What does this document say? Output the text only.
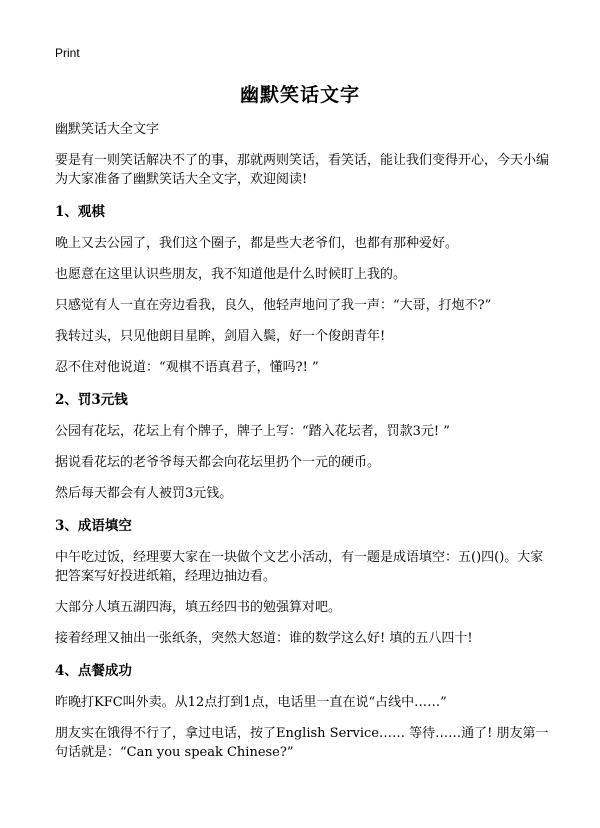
Print
幽默笑话文字

幽默笑话大全文字

要是有一则笑话解决不了的事，那就两则笑话，看笑话，能让我们变得开心，今天小编为大家准备了幽默笑话大全文字，欢迎阅读!

1、观棋

晚上又去公园了，我们这个圈子，都是些大老爷们，也都有那种爱好。

也愿意在这里认识些朋友，我不知道他是什么时候盯上我的。

只感觉有人一直在旁边看我，良久，他轻声地问了我一声：“大哥，打炮不?”

我转过头，只见他朗目星眸，剑眉入鬓，好一个俊朗青年!

忍不住对他说道：“观棋不语真君子，懂吗?! ”

2、罚3元钱

公园有花坛，花坛上有个牌子，牌子上写：“踏入花坛者，罚款3元! ”

据说看花坛的老爷爷每天都会向花坛里扔个一元的硬币。

然后每天都会有人被罚3元钱。

3、成语填空

中午吃过饭，经理要大家在一块做个文艺小活动，有一题是成语填空：五()四()。大家把答案写好投进纸箱，经理边抽边看。

大部分人填五湖四海，填五经四书的勉强算对吧。

接着经理又抽出一张纸条，突然大怒道：谁的数学这么好! 填的五八四十!

4、点餐成功

昨晚打KFC叫外卖。从12点打到1点，电话里一直在说“占线中……”

朋友实在饿得不行了，拿过电话，按了English Service…… 等待……通了! 朋友第一句话就是：“Can you speak Chinese?”
